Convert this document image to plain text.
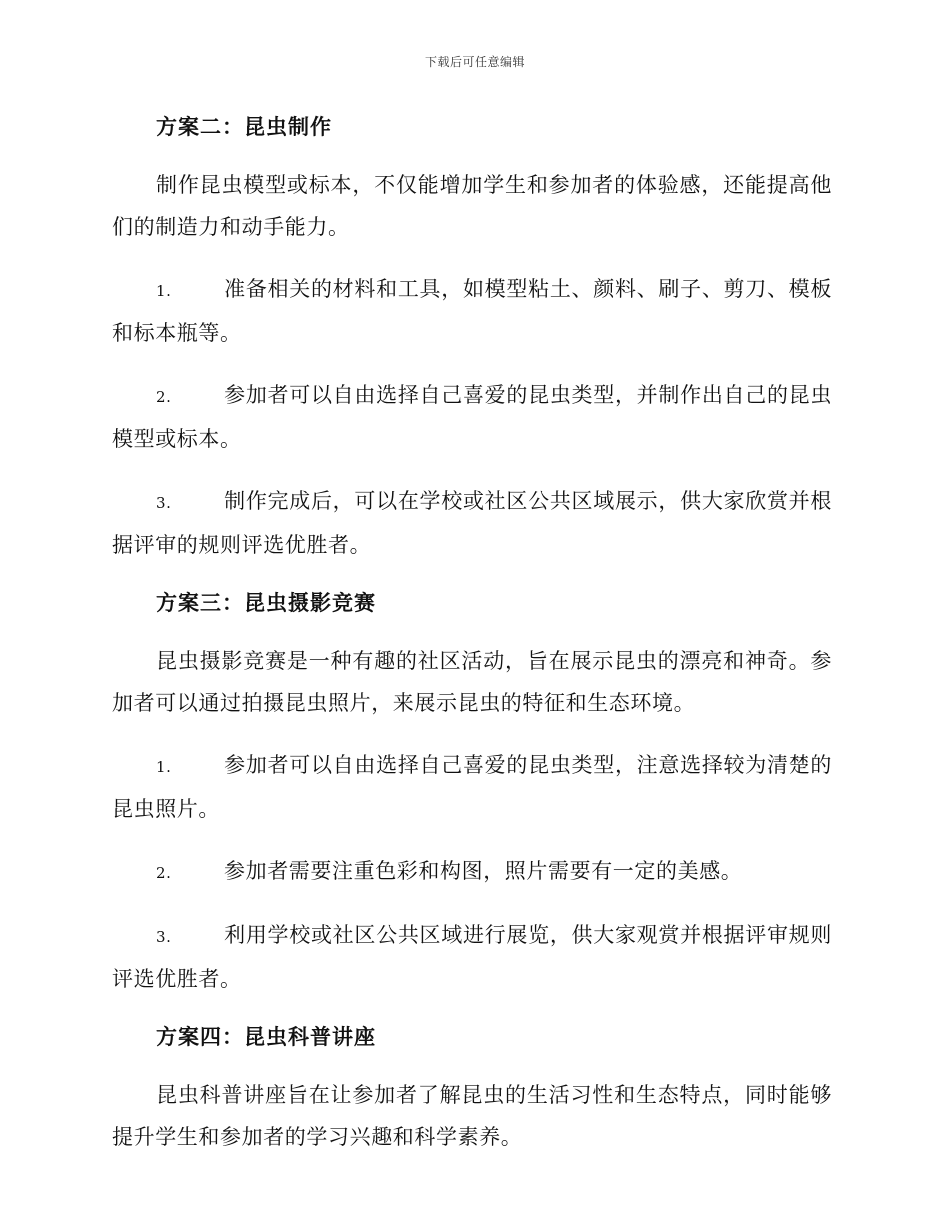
下载后可任意编辑
方案二：昆虫制作

制作昆虫模型或标本，不仅能增加学生和参加者的体验感，还能提高他们的制造力和动手能力。

1. 准备相关的材料和工具，如模型粘土、颜料、刷子、剪刀、模板和标本瓶等。

2. 参加者可以自由选择自己喜爱的昆虫类型，并制作出自己的昆虫模型或标本。

3. 制作完成后，可以在学校或社区公共区域展示，供大家欣赏并根据评审的规则评选优胜者。

方案三：昆虫摄影竞赛

昆虫摄影竞赛是一种有趣的社区活动，旨在展示昆虫的漂亮和神奇。参加者可以通过拍摄昆虫照片，来展示昆虫的特征和生态环境。

1. 参加者可以自由选择自己喜爱的昆虫类型，注意选择较为清楚的昆虫照片。

2. 参加者需要注重色彩和构图，照片需要有一定的美感。

3. 利用学校或社区公共区域进行展览，供大家观赏并根据评审规则评选优胜者。

方案四：昆虫科普讲座

昆虫科普讲座旨在让参加者了解昆虫的生活习性和生态特点，同时能够提升学生和参加者的学习兴趣和科学素养。
